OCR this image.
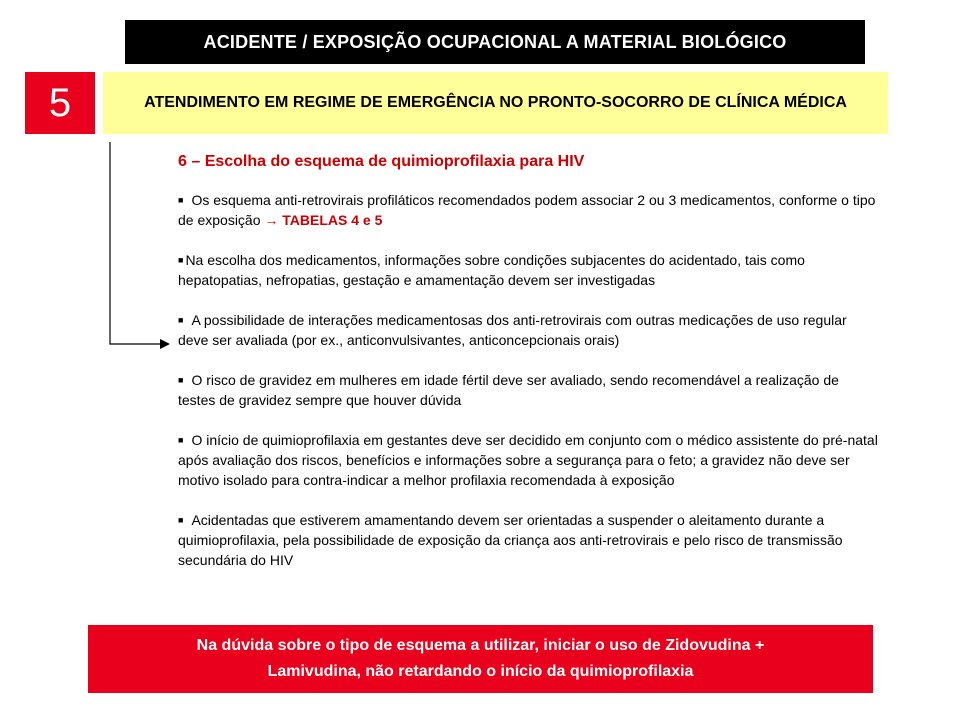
ACIDENTE / EXPOSIÇÃO OCUPACIONAL A MATERIAL BIOLÓGICO
5	ATENDIMENTO EM REGIME DE EMERGÊNCIA NO PRONTO-SOCORRO DE CLÍNICA MÉDICA
6 – Escolha do esquema de quimioprofilaxia para HIV
■ Os esquema anti-retrovirais profiláticos recomendados podem associar 2 ou 3 medicamentos, conforme o tipo de exposição → TABELAS 4 e 5
■ Na escolha dos medicamentos, informações sobre condições subjacentes do acidentado, tais como hepatopatias, nefropatias, gestação e amamentação devem ser investigadas
■ A possibilidade de interações medicamentosas dos anti-retrovirais com outras medicações de uso regular deve ser avaliada (por ex., anticonvulsivantes, anticoncepcionais orais)
■ O risco de gravidez em mulheres em idade fértil deve ser avaliado, sendo recomendável a realização de testes de gravidez sempre que houver dúvida
■ O início de quimioprofilaxia em gestantes deve ser decidido em conjunto com o médico assistente do pré-natal após avaliação dos riscos, benefícios e informações sobre a segurança para o feto; a gravidez não deve ser motivo isolado para contra-indicar a melhor profilaxia recomendada à exposição
■ Acidentadas que estiverem amamentando devem ser orientadas a suspender o aleitamento durante a quimioprofilaxia, pela possibilidade de exposição da criança aos anti-retrovirais e pelo risco de transmissão secundária do HIV
Na dúvida sobre o tipo de esquema a utilizar, iniciar o uso de Zidovudina +
Lamivudina, não retardando o início da quimioprofilaxia
